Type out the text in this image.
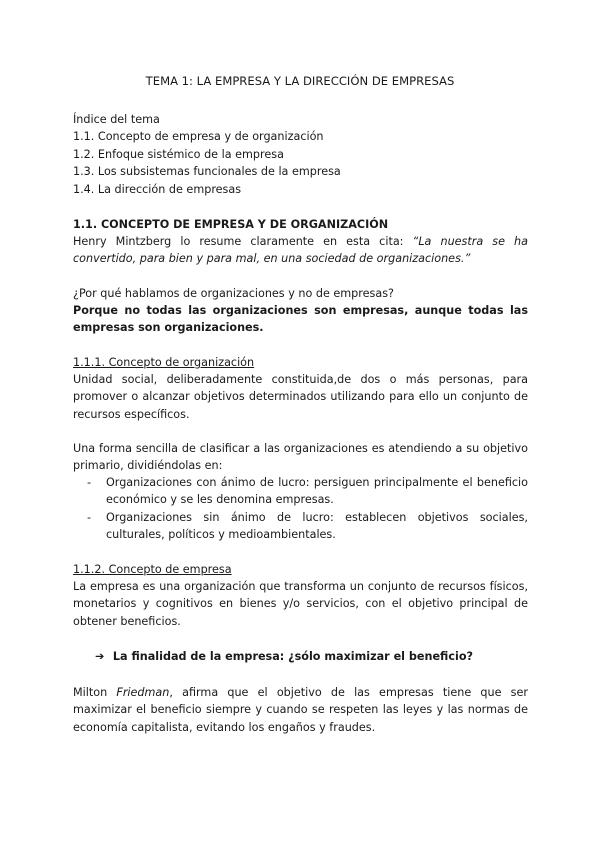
TEMA 1: LA EMPRESA Y LA DIRECCIÓN DE EMPRESAS
Índice del tema
1.1. Concepto de empresa y de organización
1.2. Enfoque sistémico de la empresa
1.3. Los subsistemas funcionales de la empresa
1.4. La dirección de empresas
1.1. CONCEPTO DE EMPRESA Y DE ORGANIZACIÓN
Henry Mintzberg lo resume claramente en esta cita: “La nuestra se ha convertido, para bien y para mal, en una sociedad de organizaciones.”
¿Por qué hablamos de organizaciones y no de empresas?
Porque no todas las organizaciones son empresas, aunque todas las empresas son organizaciones.
1.1.1. Concepto de organización
Unidad social, deliberadamente constituida,de dos o más personas, para promover o alcanzar objetivos determinados utilizando para ello un conjunto de recursos específicos.
Una forma sencilla de clasificar a las organizaciones es atendiendo a su objetivo primario, dividiéndolas en:
- Organizaciones con ánimo de lucro: persiguen principalmente el beneficio económico y se les denomina empresas.
- Organizaciones sin ánimo de lucro: establecen objetivos sociales, culturales, políticos y medioambientales.
1.1.2. Concepto de empresa
La empresa es una organización que transforma un conjunto de recursos físicos, monetarios y cognitivos en bienes y/o servicios, con el objetivo principal de obtener beneficios.
➔ La finalidad de la empresa: ¿sólo maximizar el beneficio?
Milton Friedman, afirma que el objetivo de las empresas tiene que ser maximizar el beneficio siempre y cuando se respeten las leyes y las normas de economía capitalista, evitando los engaños y fraudes.
